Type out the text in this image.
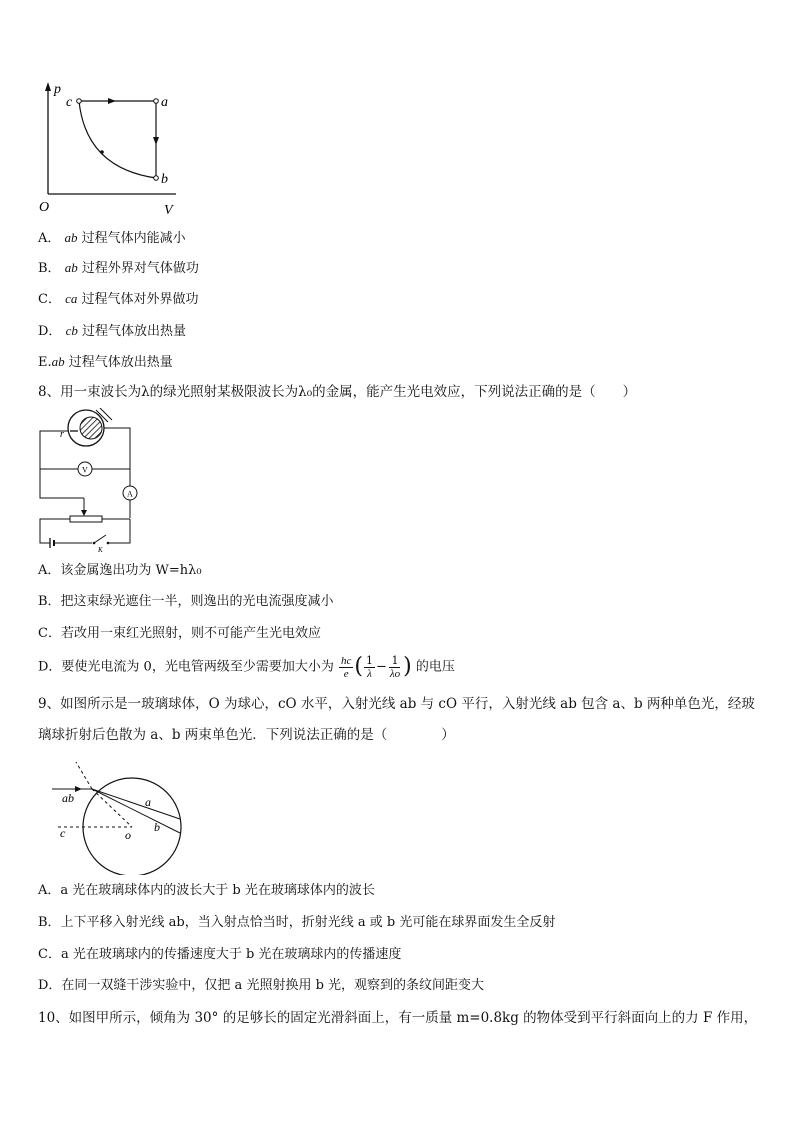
p
V
O
c	a
b
A． ab 过程气体内能减小
B． ab 过程外界对气体做功
C． ca 过程气体对外界做功
D． cb 过程气体放出热量
E.ab 过程气体放出热量
8、用一束波长为λ的绿光照射某极限波长为λ₀的金属，能产生光电效应，下列说法正确的是（　　）
r
A
V
K
A．该金属逸出功为 W=hλ₀
B．把这束绿光遮住一半，则逸出的光电流强度减小
C．若改用一束红光照射，则不可能产生光电效应
D．要使光电流为 0，光电管两级至少需要加大小为 $\frac{hc}{e}$ ( $\frac{1}{\lambda} - \frac{1}{\lambda o}$ ) 的电压
9、如图所示是一玻璃球体，O 为球心，cO 水平，入射光线 ab 与 cO 平行，入射光线 ab 包含 a、b 两种单色光，经玻
璃球折射后色散为 a、b 两束单色光．下列说法正确的是（　　　　）
ab
c	o
a
b
A．a 光在玻璃球体内的波长大于 b 光在玻璃球体内的波长
B．上下平移入射光线 ab，当入射点恰当时，折射光线 a 或 b 光可能在球界面发生全反射
C．a 光在玻璃球内的传播速度大于 b 光在玻璃球内的传播速度
D．在同一双缝干涉实验中，仅把 a 光照射换用 b 光，观察到的条纹间距变大
10、如图甲所示，倾角为 30° 的足够长的固定光滑斜面上，有一质量 m=0.8kg 的物体受到平行斜面向上的力 F 作用，
